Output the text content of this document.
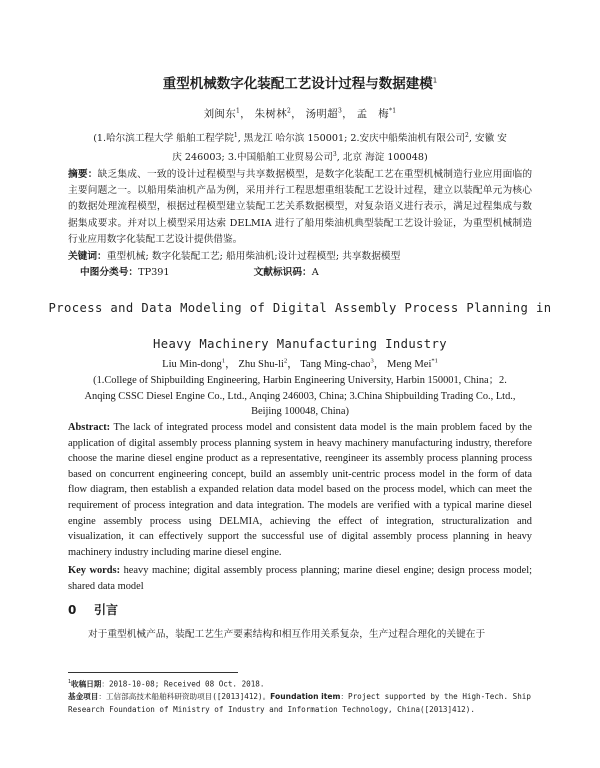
重型机械数字化装配工艺设计过程与数据建模$^1$
刘闽东$^1$， 朱树林$^2$， 汤明超$^3$， 孟　梅$^{*1}$
(1.哈尔滨工程大学 船舶工程学院$^1$, 黑龙江 哈尔滨 150001; 2.安庆中船柴油机有限公司$^2$, 安徽 安
庆 246003; 3.中国船舶工业贸易公司$^3$, 北京 海淀 100048)
摘要：缺乏集成、一致的设计过程模型与共享数据模型，是数字化装配工艺在重型机械制造行业应用面临的主要问题之一。以船用柴油机产品为例，采用并行工程思想重组装配工艺设计过程，建立以装配单元为核心的数据处理流程模型，根据过程模型建立装配工艺关系数据模型，对复杂语义进行表示，满足过程集成与数据集成要求。并对以上模型采用达索 DELMIA 进行了船用柴油机典型装配工艺设计验证，为重型机械制造行业应用数字化装配工艺设计提供借鉴。
关键词：重型机械; 数字化装配工艺; 船用柴油机;设计过程模型; 共享数据模型
中图分类号：TP391	文献标识码：A
Process and Data Modeling of Digital Assembly Process Planning in
Heavy Machinery Manufacturing Industry
Liu Min-dong$^1$， Zhu Shu-$li^2$， Tang Ming-chao$^3$， Meng Mei$^{*1}$
(1.College of Shipbuilding Engineering, Harbin Engineering University, Harbin 150001, China；2. Anqing CSSC Diesel Engine Co., Ltd., Anqing 246003, China; 3.China Shipbuilding Trading Co., Ltd., Beijing 100048, China)
Abstract: The lack of integrated process model and consistent data model is the main problem faced by the application of digital assembly process planning system in heavy machinery manufacturing industry, therefore choose the marine diesel engine product as a representative, reengineer its assembly process planning process based on concurrent engineering concept, build an assembly unit-centric process model in the form of data flow diagram, then establish a expanded relation data model based on the process model, which can meet the requirement of process integration and data integration. The models are verified with a typical marine diesel engine assembly process using DELMIA, achieving the effect of integration, structuralization and visualization, it can effectively support the successful use of digital assembly process planning in heavy machinery industry including marine diesel engine.
Key words: heavy machine; digital assembly process planning; marine diesel engine; design process model; shared data model
0 引言
对于重型机械产品，装配工艺生产要素结构和相互作用关系复杂，生产过程合理化的关键在于
$^1$收稿日期：2018-10-08; Received 08 Oct. 2018.
基金项目：工信部高技术船舶科研资助项目([2013]412)。Foundation item：Project supported by the High-Tech. Ship Research Foundation of Ministry of Industry and Information Technology, China([2013]412).
